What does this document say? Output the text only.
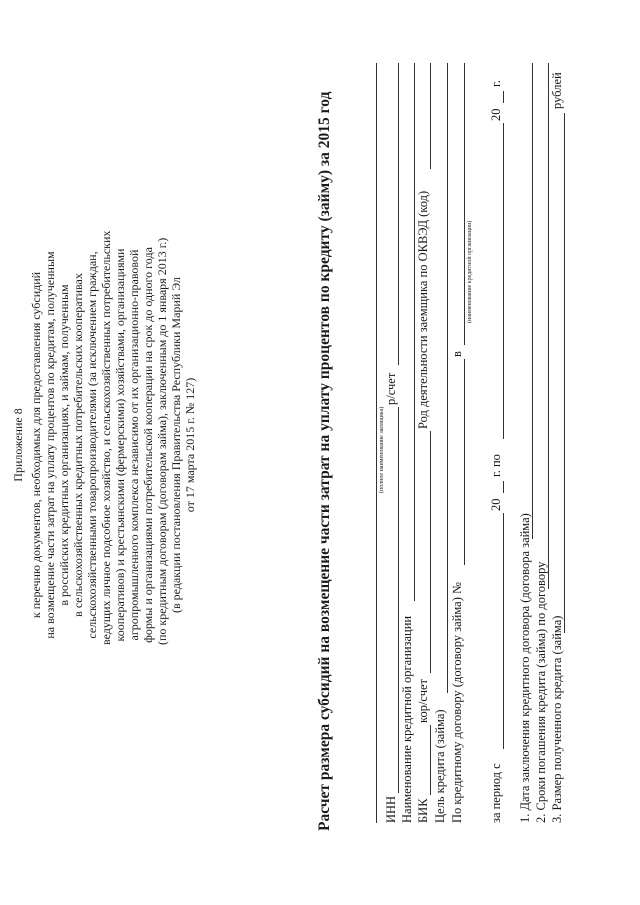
Приложение 8 к перечню документов, необходимых для предоставления субсидий на возмещение части затрат на уплату процентов по кредитам, полученным в российских кредитных организациях, и займам, полученным в сельскохозяйственных кредитных потребительских кооперативах сельскохозяйственными товаропроизводителями (за исключением граждан, ведущих личное подсобное хозяйство, и сельскохозяйственных потребительских кооперативов) и крестьянскими (фермерскими) хозяйствами, организациями агропромышленного комплекса независимо от их организационно-правовой формы и организациями потребительской кооперации на срок до одного года (по кредитным договорам (договорам займа), заключенным до 1 января 2013 г.) (в редакции постановления Правительства Республики Марий Эл от 17 марта 2015 г. № 127)	Расчет размера субсидий на возмещение части затрат на уплату процентов по кредиту (займу) за 2015 год	(полное наименование заемщика)
ИНН
р/счет
Наименование кредитной организации БИК
кор/счет
Род деятельности заемщика по ОКВЭД (код)
Цель кредита (займа) По кредитному договору (договору займа) №
в
(наименование кредитной организации)
за период с
20
г. по
20
г.
1. Дата заключения кредитного договора (договора займа) 2. Сроки погашения кредита (займа) по договору 3. Размер полученного кредита (займа)
рублей
